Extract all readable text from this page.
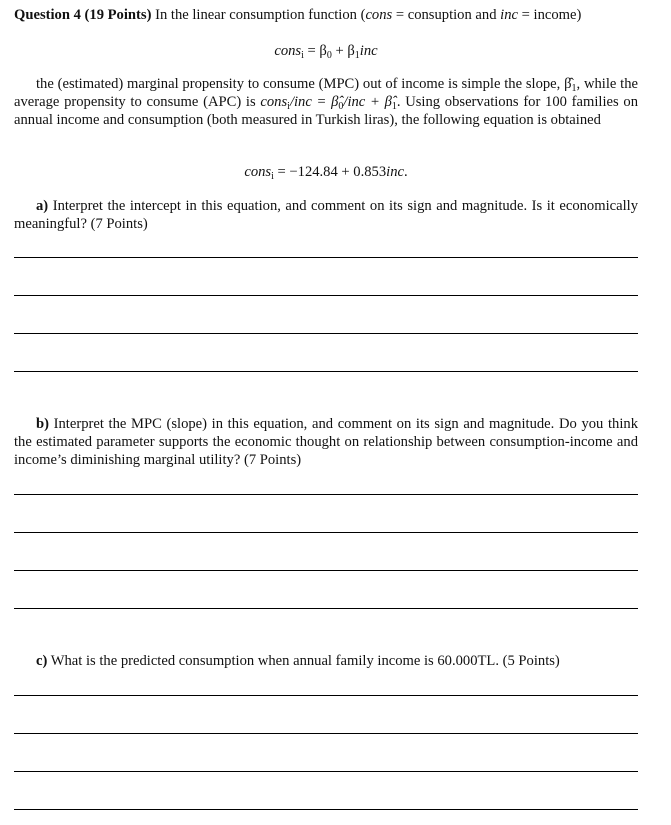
Question 4 (19 Points) In the linear consumption function (cons = consuption and inc = income)

cons$_i$ = $\beta_0 + \beta_1inc$

the (estimated) marginal propensity to consume (MPC) out of income is simple the slope, $\betâ_1$, while the average propensity to consume (APC) is cons$_i$/inc = $\betâ_0$/inc + $\betâ_1$. Using observations for 100 families on annual income and consumption (both measured in Turkish liras), the following equation is obtained

cons$_i$ = −124.84 + 0.853inc.

a) Interpret the intercept in this equation, and comment on its sign and magnitude. Is it economically meaningful? (7 Points)

b) Interpret the MPC (slope) in this equation, and comment on its sign and magnitude. Do you think the estimated parameter supports the economic thought on relationship between consumption-income and income’s diminishing marginal utility? (7 Points)

c) What is the predicted consumption when annual family income is 60.000TL. (5 Points)
